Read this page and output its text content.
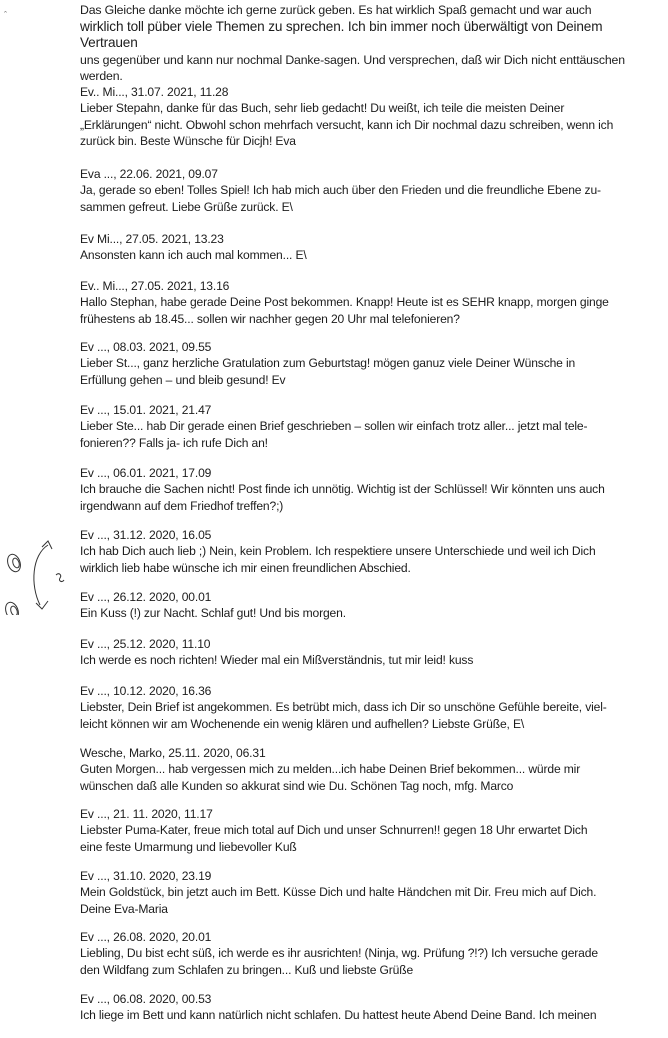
ˆ	Das Gleiche danke möchte ich gerne zurück geben. Es hat wirklich Spaß gemacht und war auch
wirklich toll püber viele Themen zu sprechen. Ich bin immer noch überwältigt von Deinem Vertrauen
uns gegenüber und kann nur nochmal Danke-sagen. Und versprechen, daß wir Dich nicht enttäuschen
werden.
Ev.. Mi..., 31.07. 2021, 11.28
Lieber Stepahn, danke für das Buch, sehr lieb gedacht! Du weißt, ich teile die meisten Deiner
„Erklärungen“ nicht. Obwohl schon mehrfach versucht, kann ich Dir nochmal dazu schreiben, wenn ich
zurück bin. Beste Wünsche für Dicjh! Eva
Eva ..., 22.06. 2021, 09.07
Ja, gerade so eben! Tolles Spiel! Ich hab mich auch über den Frieden und die freundliche Ebene zu-
sammen gefreut. Liebe Grüße zurück. E\
Ev Mi..., 27.05. 2021, 13.23
Ansonsten kann ich auch mal kommen... E\
Ev.. Mi..., 27.05. 2021, 13.16
Hallo Stephan, habe gerade Deine Post bekommen. Knapp! Heute ist es SEHR knapp, morgen ginge
frühestens ab 18.45... sollen wir nachher gegen 20 Uhr mal telefonieren?
Ev ..., 08.03. 2021, 09.55
Lieber St..., ganz herzliche Gratulation zum Geburtstag! mögen ganuz viele Deiner Wünsche in
Erfüllung gehen – und bleib gesund! Ev
Ev ..., 15.01. 2021, 21.47
Lieber Ste... hab Dir gerade einen Brief geschrieben – sollen wir einfach trotz aller... jetzt mal tele-
fonieren?? Falls ja- ich rufe Dich an!
Ev ..., 06.01. 2021, 17.09
Ich brauche die Sachen nicht! Post finde ich unnötig. Wichtig ist der Schlüssel! Wir könnten uns auch
irgendwann auf dem Friedhof treffen?;)
Ev ..., 31.12. 2020, 16.05
Ich hab Dich auch lieb ;) Nein, kein Problem. Ich respektiere unsere Unterschiede und weil ich Dich
wirklich lieb habe wünsche ich mir einen freundlichen Abschied.
Ev ..., 26.12. 2020, 00.01
Ein Kuss (!) zur Nacht. Schlaf gut! Und bis morgen.
Ev ..., 25.12. 2020, 11.10
Ich werde es noch richten! Wieder mal ein Mißverständnis, tut mir leid! kuss
Ev ..., 10.12. 2020, 16.36
Liebster, Dein Brief ist angekommen. Es betrübt mich, dass ich Dir so unschöne Gefühle bereite, viel-
leicht können wir am Wochenende ein wenig klären und aufhellen? Liebste Grüße, E\
Wesche, Marko, 25.11. 2020, 06.31
Guten Morgen... hab vergessen mich zu melden...ich habe Deinen Brief bekommen... würde mir
wünschen daß alle Kunden so akkurat sind wie Du. Schönen Tag noch, mfg. Marco
Ev ..., 21. 11. 2020, 11.17
Liebster Puma-Kater, freue mich total auf Dich und unser Schnurren!! gegen 18 Uhr erwartet Dich
eine feste Umarmung und liebevoller Kuß
Ev ..., 31.10. 2020, 23.19
Mein Goldstück, bin jetzt auch im Bett. Küsse Dich und halte Händchen mit Dir. Freu mich auf Dich.
Deine Eva-Maria
Ev ..., 26.08. 2020, 20.01
Liebling, Du bist echt süß, ich werde es ihr ausrichten! (Ninja, wg. Prüfung ?!?) Ich versuche gerade
den Wildfang zum Schlafen zu bringen... Kuß und liebste Grüße
Ev ..., 06.08. 2020, 00.53
Ich liege im Bett und kann natürlich nicht schlafen. Du hattest heute Abend Deine Band. Ich meinen
